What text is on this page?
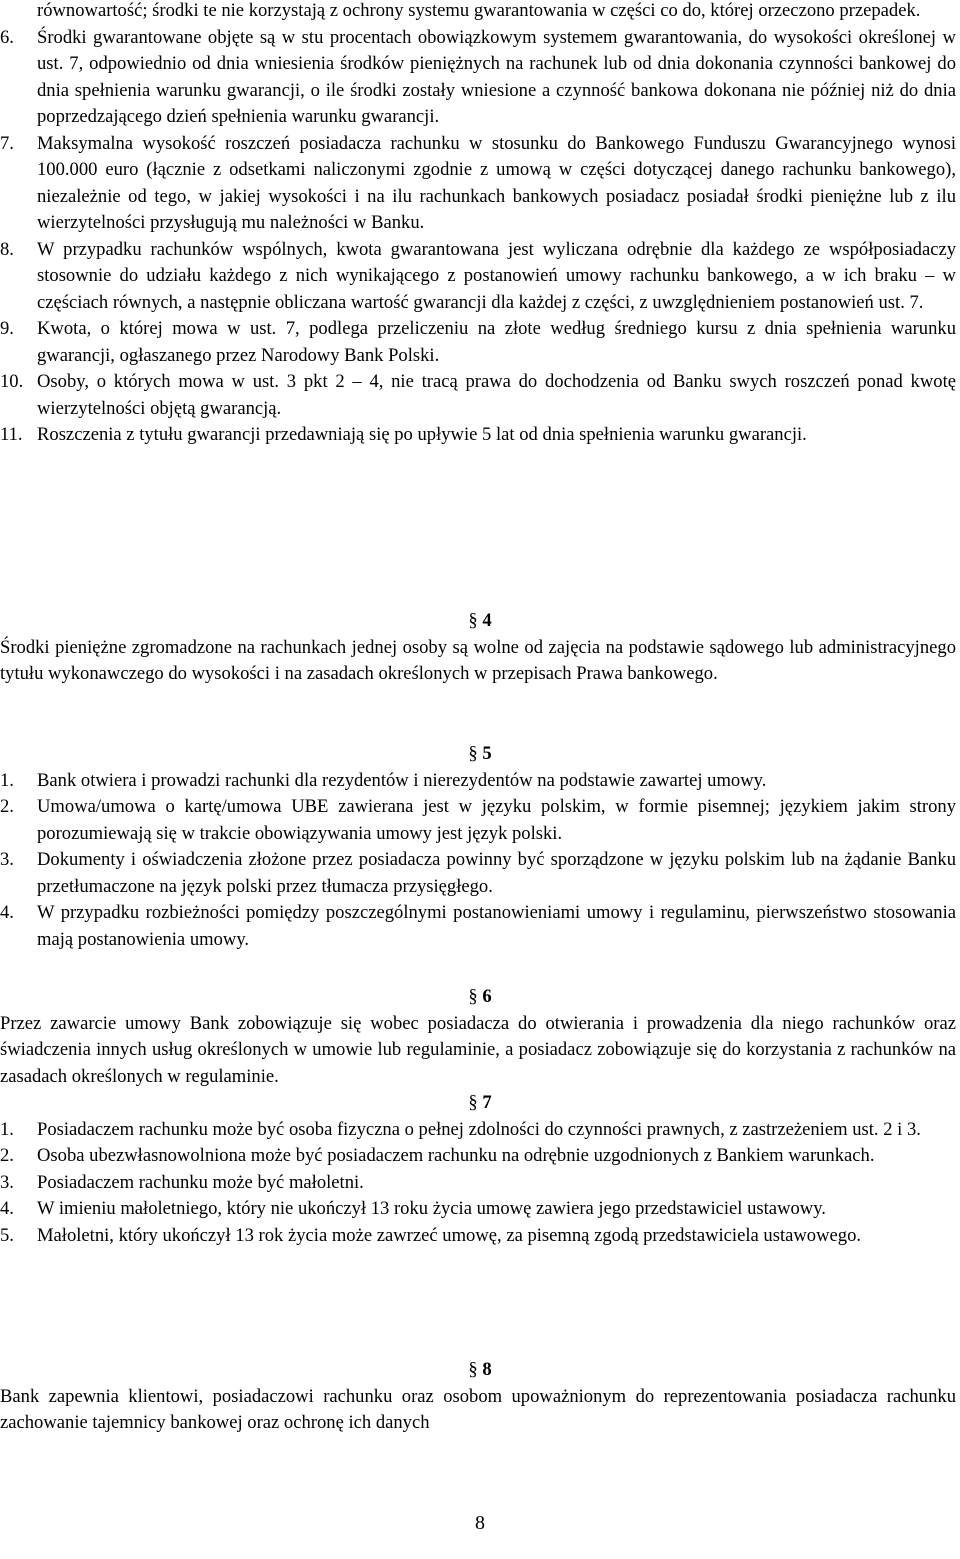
równowartość; środki te nie korzystają z ochrony systemu gwarantowania w części co do, której orzeczono przepadek.
6. Środki gwarantowane objęte są w stu procentach obowiązkowym systemem gwarantowania, do wysokości określonej w ust. 7, odpowiednio od dnia wniesienia środków pieniężnych na rachunek lub od dnia dokonania czynności bankowej do dnia spełnienia warunku gwarancji, o ile środki zostały wniesione a czynność bankowa dokonana nie później niż do dnia poprzedzającego dzień spełnienia warunku gwarancji.
7. Maksymalna wysokość roszczeń posiadacza rachunku w stosunku do Bankowego Funduszu Gwarancyjnego wynosi 100.000 euro (łącznie z odsetkami naliczonymi zgodnie z umową w części dotyczącej danego rachunku bankowego), niezależnie od tego, w jakiej wysokości i na ilu rachunkach bankowych posiadacz posiadał środki pieniężne lub z ilu wierzytelności przysługują mu należności w Banku.
8. W przypadku rachunków wspólnych, kwota gwarantowana jest wyliczana odrębnie dla każdego ze współposiadaczy stosownie do udziału każdego z nich wynikającego z postanowień umowy rachunku bankowego, a w ich braku – w częściach równych, a następnie obliczana wartość gwarancji dla każdej z części, z uwzględnieniem postanowień ust. 7.
9. Kwota, o której mowa w ust. 7, podlega przeliczeniu na złote według średniego kursu z dnia spełnienia warunku gwarancji, ogłaszanego przez Narodowy Bank Polski.
10. Osoby, o których mowa w ust. 3 pkt 2 – 4, nie tracą prawa do dochodzenia od Banku swych roszczeń ponad kwotę wierzytelności objętą gwarancją.
11. Roszczenia z tytułu gwarancji przedawniają się po upływie 5 lat od dnia spełnienia warunku gwarancji.
§ 4
Środki pieniężne zgromadzone na rachunkach jednej osoby są wolne od zajęcia na podstawie sądowego lub administracyjnego tytułu wykonawczego do wysokości i na zasadach określonych w przepisach Prawa bankowego.
§ 5
1. Bank otwiera i prowadzi rachunki dla rezydentów i nierezydentów na podstawie zawartej umowy.
2. Umowa/umowa o kartę/umowa UBE zawierana jest w języku polskim, w formie pisemnej; językiem jakim strony porozumiewają się w trakcie obowiązywania umowy jest język polski.
3. Dokumenty i oświadczenia złożone przez posiadacza powinny być sporządzone w języku polskim lub na żądanie Banku przetłumaczone na język polski przez tłumacza przysięgłego.
4. W przypadku rozbieżności pomiędzy poszczególnymi postanowieniami umowy i regulaminu, pierwszeństwo stosowania mają postanowienia umowy.
§ 6
Przez zawarcie umowy Bank zobowiązuje się wobec posiadacza do otwierania i prowadzenia dla niego rachunków oraz świadczenia innych usług określonych w umowie lub regulaminie, a posiadacz zobowiązuje się do korzystania z rachunków na zasadach określonych w regulaminie.
§ 7
1. Posiadaczem rachunku może być osoba fizyczna o pełnej zdolności do czynności prawnych, z zastrzeżeniem ust. 2 i 3.
2. Osoba ubezwłasnowolniona może być posiadaczem rachunku na odrębnie uzgodnionych z Bankiem warunkach.
3. Posiadaczem rachunku może być małoletni.
4. W imieniu małoletniego, który nie ukończył 13 roku życia umowę zawiera jego przedstawiciel ustawowy.
5. Małoletni, który ukończył 13 rok życia może zawrzeć umowę, za pisemną zgodą przedstawiciela ustawowego.
§ 8
Bank zapewnia klientowi, posiadaczowi rachunku oraz osobom upoważnionym do reprezentowania posiadacza rachunku zachowanie tajemnicy bankowej oraz ochronę ich danych
8
